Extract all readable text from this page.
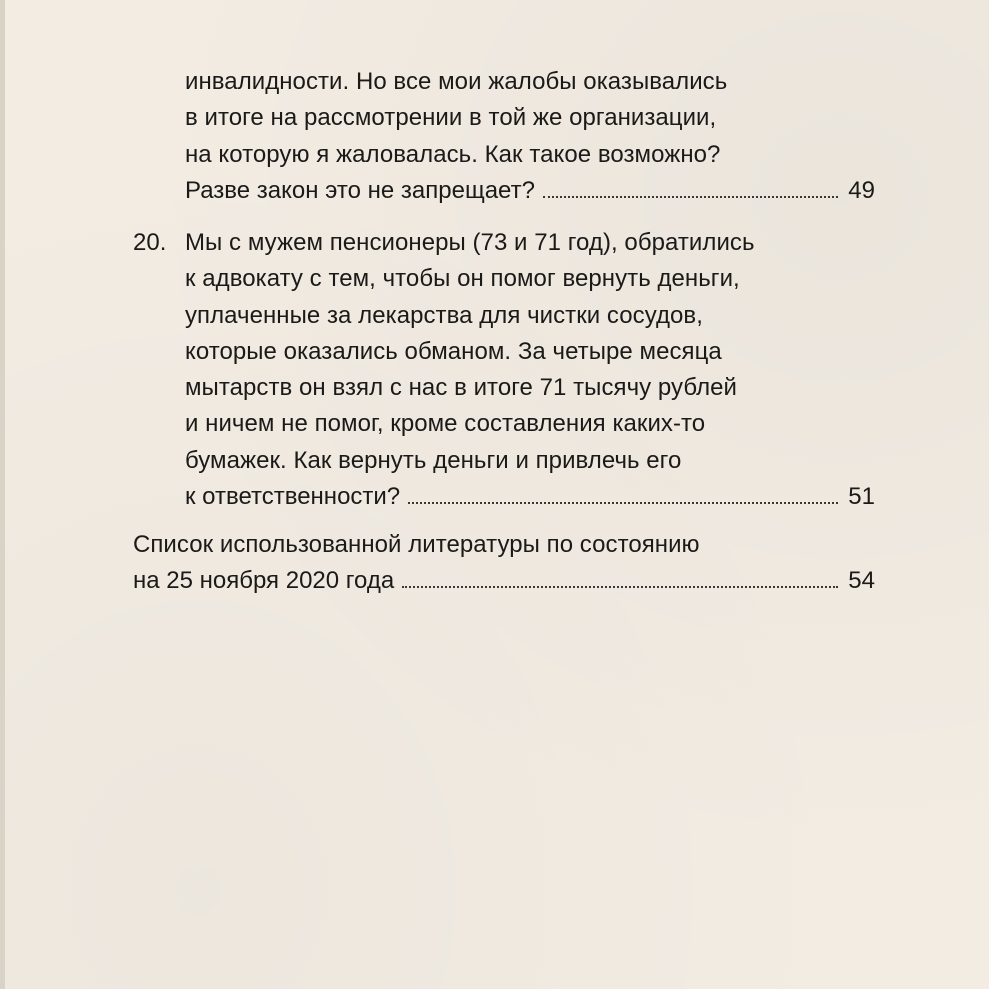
инвалидности. Но все мои жалобы оказывались
в итоге на рассмотрении в той же организации,
на которую я жаловалась. Как такое возможно?
Разве закон это не запрещает?	49
20. Мы с мужем пенсионеры (73 и 71 год), обратились
к адвокату с тем, чтобы он помог вернуть деньги,
уплаченные за лекарства для чистки сосудов,
которые оказались обманом. За четыре месяца
мытарств он взял с нас в итоге 71 тысячу рублей
и ничем не помог, кроме составления каких-то
бумажек. Как вернуть деньги и привлечь его
к ответственности?	51
Список использованной литературы по состоянию
на 25 ноября 2020 года	54
